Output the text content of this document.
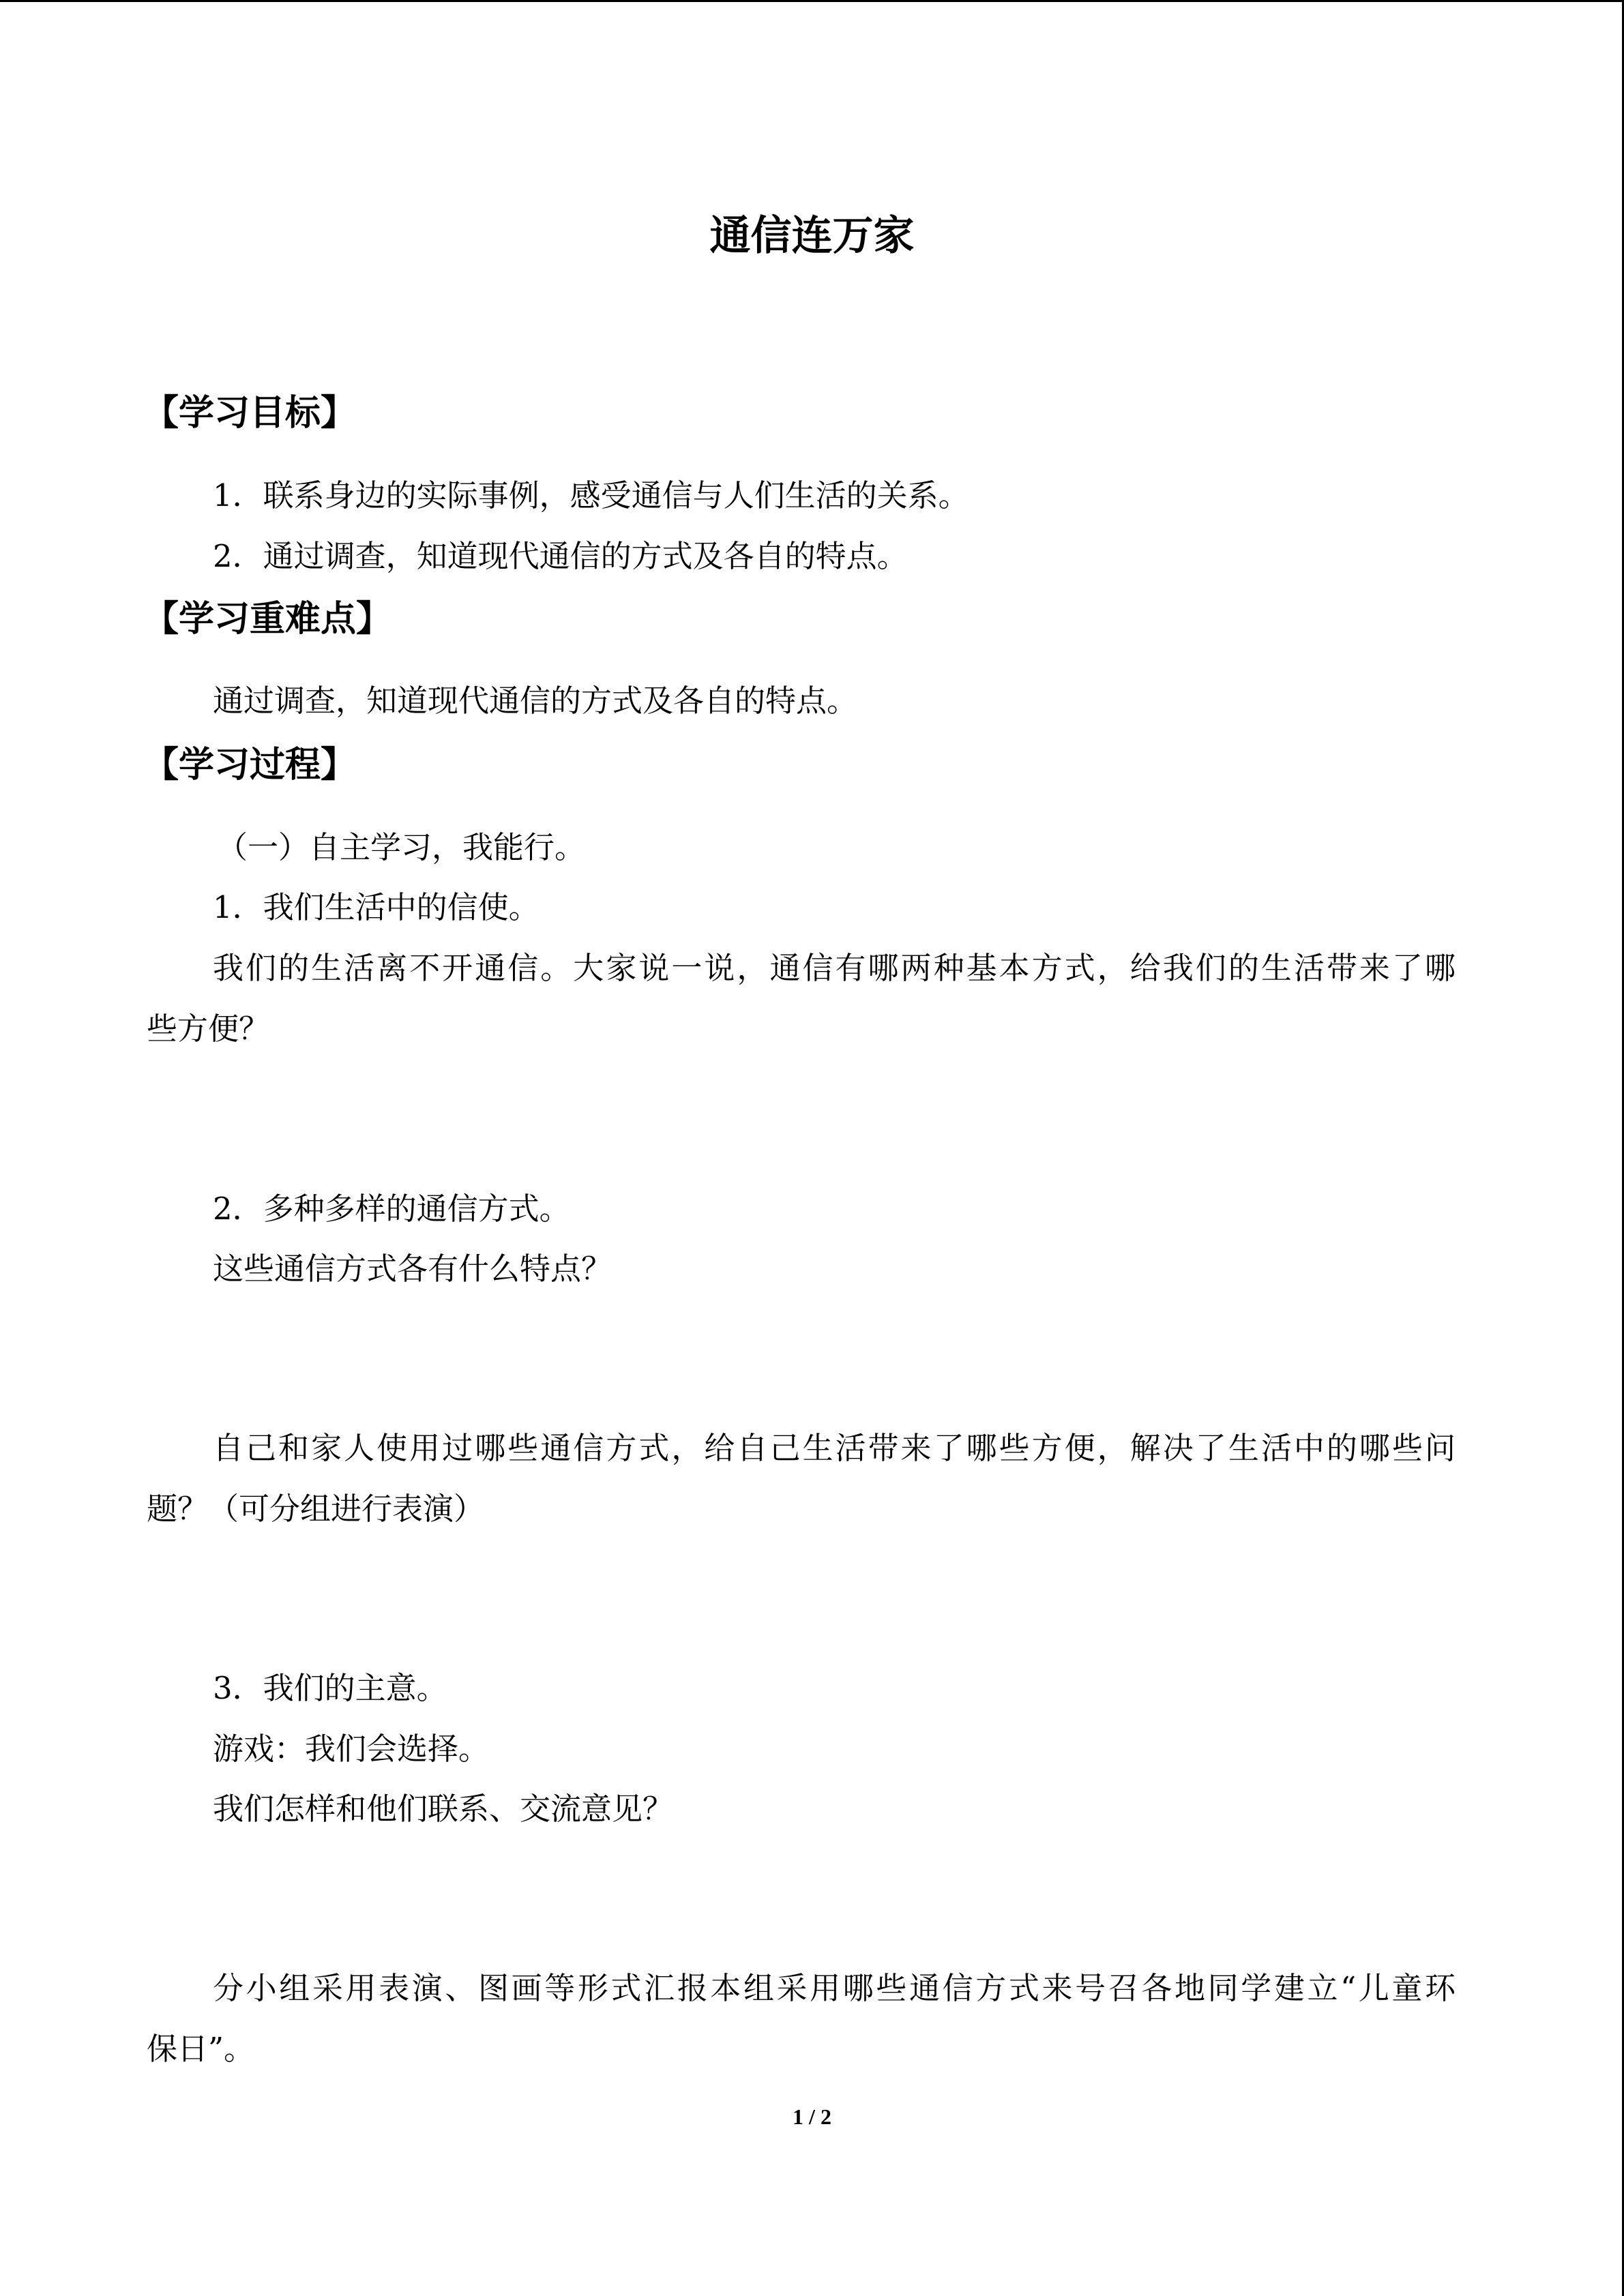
通信连万家
【学习目标】
1．联系身边的实际事例，感受通信与人们生活的关系。
2．通过调查，知道现代通信的方式及各自的特点。
【学习重难点】
通过调查，知道现代通信的方式及各自的特点。
【学习过程】
（一）自主学习，我能行。
1．我们生活中的信使。
我们的生活离不开通信。大家说一说，通信有哪两种基本方式，给我们的生活带来了哪
些方便？
2．多种多样的通信方式。
这些通信方式各有什么特点？
自己和家人使用过哪些通信方式，给自己生活带来了哪些方便，解决了生活中的哪些问
题？（可分组进行表演）
3．我们的主意。
游戏：我们会选择。
我们怎样和他们联系、交流意见？
分小组采用表演、图画等形式汇报本组采用哪些通信方式来号召各地同学建立“儿童环
保日”。
1 / 2
